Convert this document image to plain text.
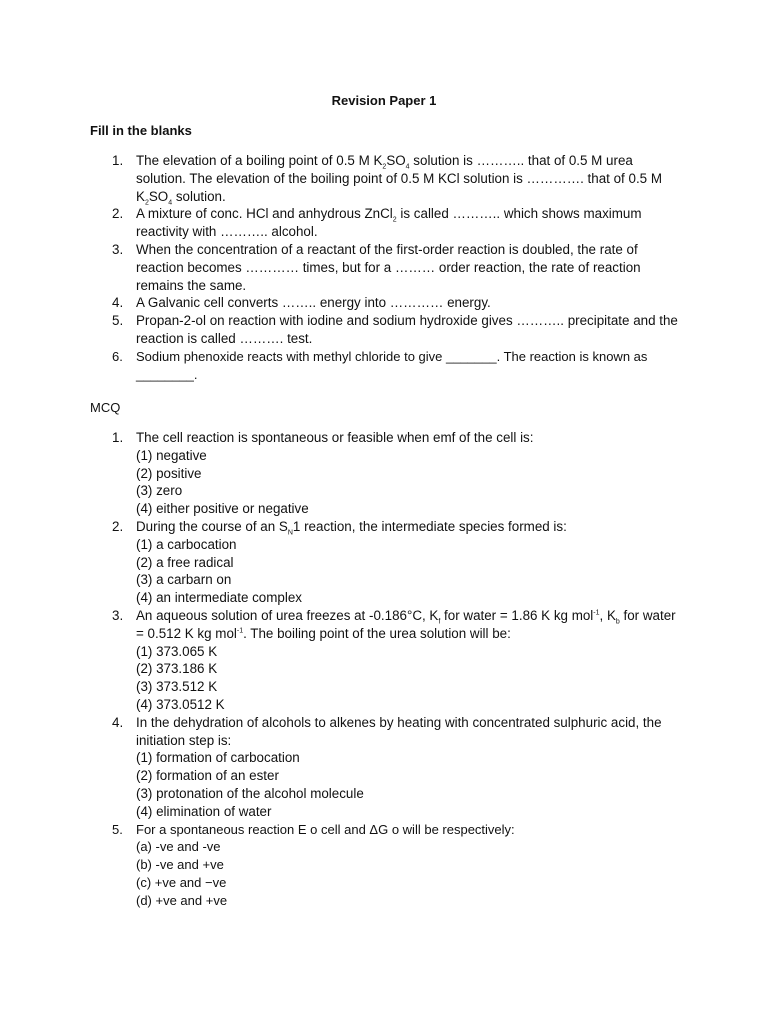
Revision Paper 1
Fill in the blanks
1. The elevation of a boiling point of 0.5 M $K_2SO_4$ solution is ……….. that of 0.5 M urea solution. The elevation of the boiling point of 0.5 M KCl solution is …………. that of 0.5 M $K_2SO_4$ solution.
2. A mixture of conc. HCl and anhydrous ZnCl$_2$ is called ……….. which shows maximum reactivity with ……….. alcohol.
3. When the concentration of a reactant of the first-order reaction is doubled, the rate of reaction becomes ………… times, but for a ……… order reaction, the rate of reaction remains the same.
4. A Galvanic cell converts …….. energy into ………… energy.
5. Propan-2-ol on reaction with iodine and sodium hydroxide gives ……….. precipitate and the reaction is called ………. test.
6. Sodium phenoxide reacts with methyl chloride to give _______. The reaction is known as ________.
MCQ
1. The cell reaction is spontaneous or feasible when emf of the cell is:
(1) negative
(2) positive
(3) zero
(4) either positive or negative
2. During the course of an $S_N1$ reaction, the intermediate species formed is:
(1) a carbocation
(2) a free radical
(3) a carbarn on
(4) an intermediate complex
3. An aqueous solution of urea freezes at -0.186°C, $K_f$ for water = 1.86 K kg mol$^{-1}$, $K_b$ for water = 0.512 K kg mol$^{-1}$. The boiling point of the urea solution will be:
(1) 373.065 K
(2) 373.186 K
(3) 373.512 K
(4) 373.0512 K
4. In the dehydration of alcohols to alkenes by heating with concentrated sulphuric acid, the initiation step is:
(1) formation of carbocation
(2) formation of an ester
(3) protonation of the alcohol molecule
(4) elimination of water
5. For a spontaneous reaction E o cell and ΔG o will be respectively:
(a) -ve and -ve
(b) -ve and +ve
(c) +ve and −ve
(d) +ve and +ve
